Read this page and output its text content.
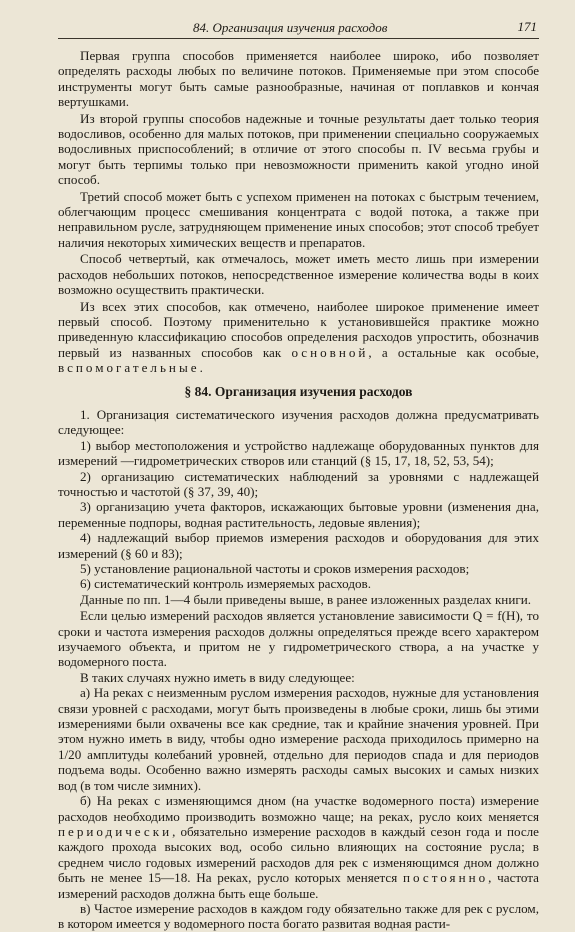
84. Организация изучения расходов	171

Первая группа способов применяется наиболее широко, ибо позволяет определять расходы любых по величине потоков. Применяемые при этом способе инструменты могут быть самые разнообразные, начиная от поплавков и кончая вертушками.

Из второй группы способов надежные и точные результаты дает только теория водосливов, особенно для малых потоков, при применении специально сооружаемых водосливных приспособлений; в отличие от этого способы п. IV весьма грубы и могут быть терпимы только при невозможности применить какой угодно иной способ.

Третий способ может быть с успехом применен на потоках с быстрым течением, облегчающим процесс смешивания концентрата с водой потока, а также при неправильном русле, затрудняющем применение иных способов; этот способ требует наличия некоторых химических веществ и препаратов.

Способ четвертый, как отмечалось, может иметь место лишь при измерении расходов небольших потоков, непосредственное измерение количества воды в коих возможно осуществить практически.

Из всех этих способов, как отмечено, наиболее широкое применение имеет первый способ. Поэтому применительно к установившейся практике можно приведенную классификацию способов определения расходов упростить, обозначив первый из названных способов как основной, а остальные как особые, вспомогательные.

§ 84. Организация изучения расходов

1. Организация систематического изучения расходов должна предусматривать следующее:

1) выбор местоположения и устройство надлежаще оборудованных пунктов для измерений —гидрометрических створов или станций (§ 15, 17, 18, 52, 53, 54);

2) организацию систематических наблюдений за уровнями с надлежащей точностью и частотой (§ 37, 39, 40);

3) организацию учета факторов, искажающих бытовые уровни (изменения дна, переменные подпоры, водная растительность, ледовые явления);

4) надлежащий выбор приемов измерения расходов и оборудования для этих измерений (§ 60 и 83);

5) установление рациональной частоты и сроков измерения расходов;

6) систематический контроль измеряемых расходов.

Данные по пп. 1—4 были приведены выше, в ранее изложенных разделах книги.

Если целью измерений расходов является установление зависимости Q = f(H), то сроки и частота измерения расходов должны определяться прежде всего характером изучаемого объекта, и притом не у гидрометрического створа, а на участке у водомерного поста.

В таких случаях нужно иметь в виду следующее:

а) На реках с неизменным руслом измерения расходов, нужные для установления связи уровней с расходами, могут быть произведены в любые сроки, лишь бы этими измерениями были охвачены все как средние, так и крайние значения уровней. При этом нужно иметь в виду, чтобы одно измерение расхода приходилось примерно на 1/20 амплитуды колебаний уровней, отдельно для периодов спада и для периодов подъема воды. Особенно важно измерять расходы самых высоких и самых низких вод (в том числе зимних).

б) На реках с изменяющимся дном (на участке водомерного поста) измерение расходов необходимо производить возможно чаще; на реках, русло коих меняется периодически, обязательно измерение расходов в каждый сезон года и после каждого прохода высоких вод, особо сильно влияющих на состояние русла; в среднем число годовых измерений расходов для рек с изменяющимся дном должно быть не менее 15—18. На реках, русло которых меняется постоянно, частота измерений расходов должна быть еще больше.

в) Частое измерение расходов в каждом году обязательно также для рек с руслом, в котором имеется у водомерного поста богато развитая водная расти-
